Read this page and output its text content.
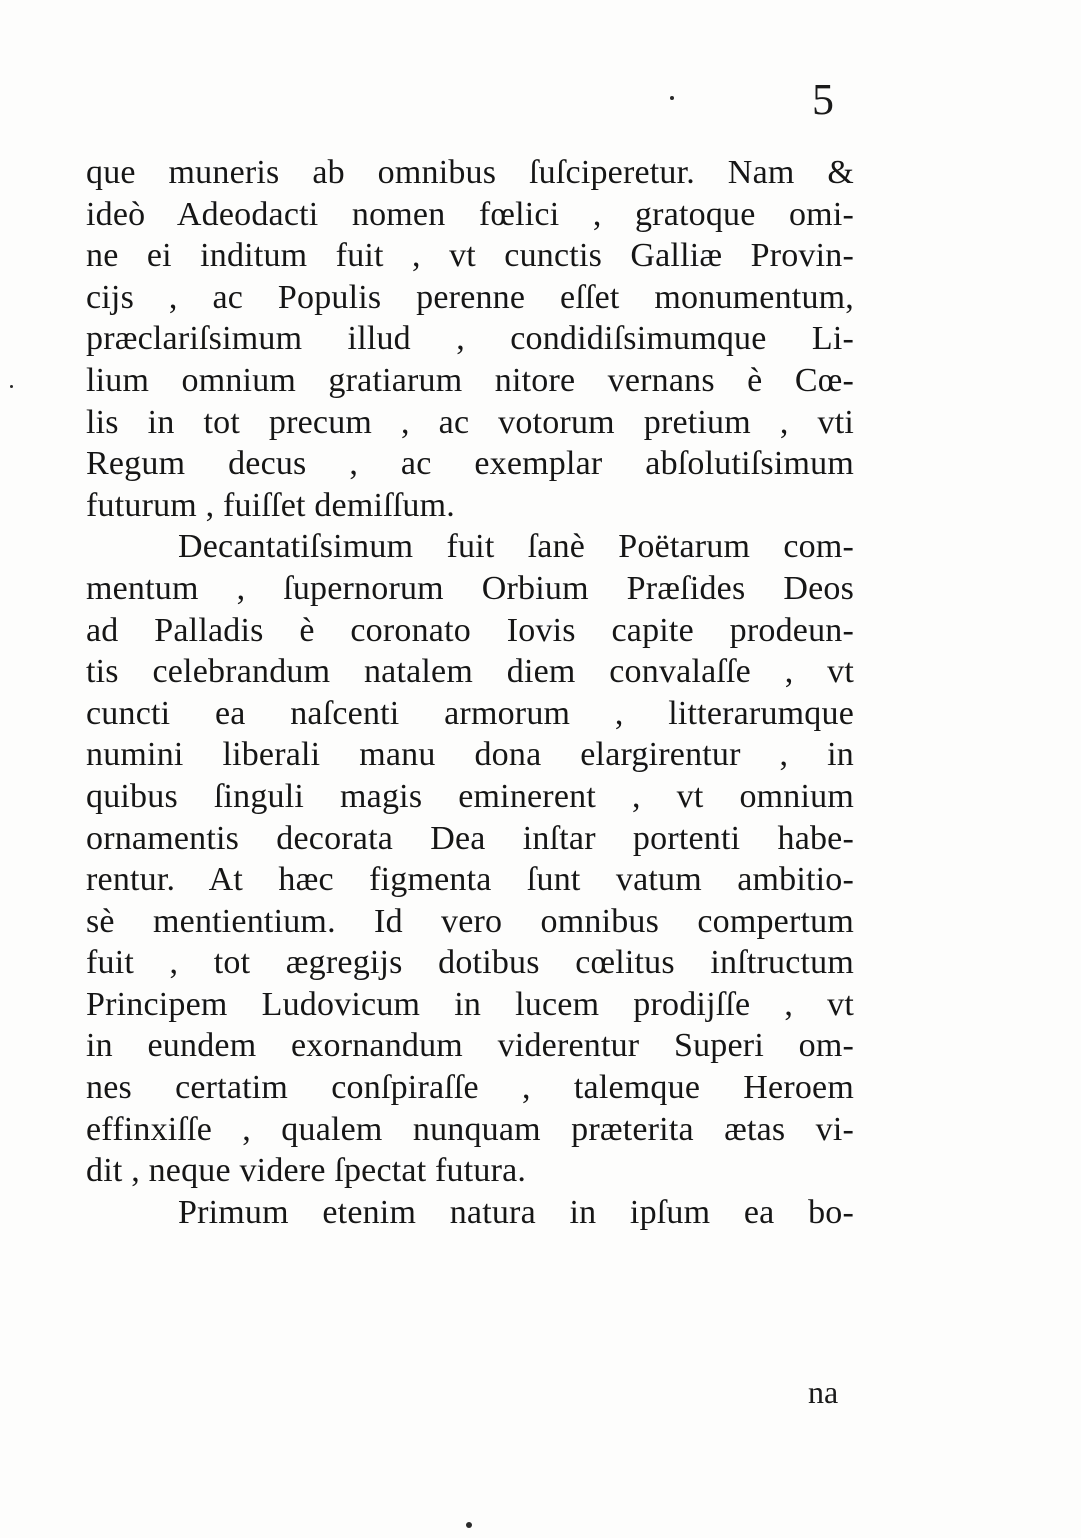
5
que muneris ab omnibus ſuſciperetur. Nam &
ideò Adeodacti nomen fœlici , gratoque omi-
ne ei inditum fuit , vt cunctis Galliæ Provin-
cijs , ac Populis perenne eſſet monumentum,
præclariſsimum illud , condidiſsimumque Li-
lium omnium gratiarum nitore vernans è Cœ-
lis in tot precum , ac votorum pretium , vti
Regum decus , ac exemplar abſolutiſsimum
futurum , fuiſſet demiſſum.
Decantatiſsimum fuit ſanè Poëtarum com-
mentum , ſupernorum Orbium Præſides Deos
ad Palladis è coronato Iovis capite prodeun-
tis celebrandum natalem diem convalaſſe , vt
cuncti ea naſcenti armorum , litterarumque
numini liberali manu dona elargirentur , in
quibus ſinguli magis eminerent , vt omnium
ornamentis decorata Dea inſtar portenti habe-
rentur. At hæc figmenta ſunt vatum ambitio-
sè mentientium. Id vero omnibus compertum
fuit , tot ægregijs dotibus cœlitus inſtructum
Principem Ludovicum in lucem prodijſſe , vt
in eundem exornandum viderentur Superi om-
nes certatim conſpiraſſe , talemque Heroem
effinxiſſe , qualem nunquam præterita ætas vi-
dit , neque videre ſpectat futura.
Primum etenim natura in ipſum ea bo-
na
